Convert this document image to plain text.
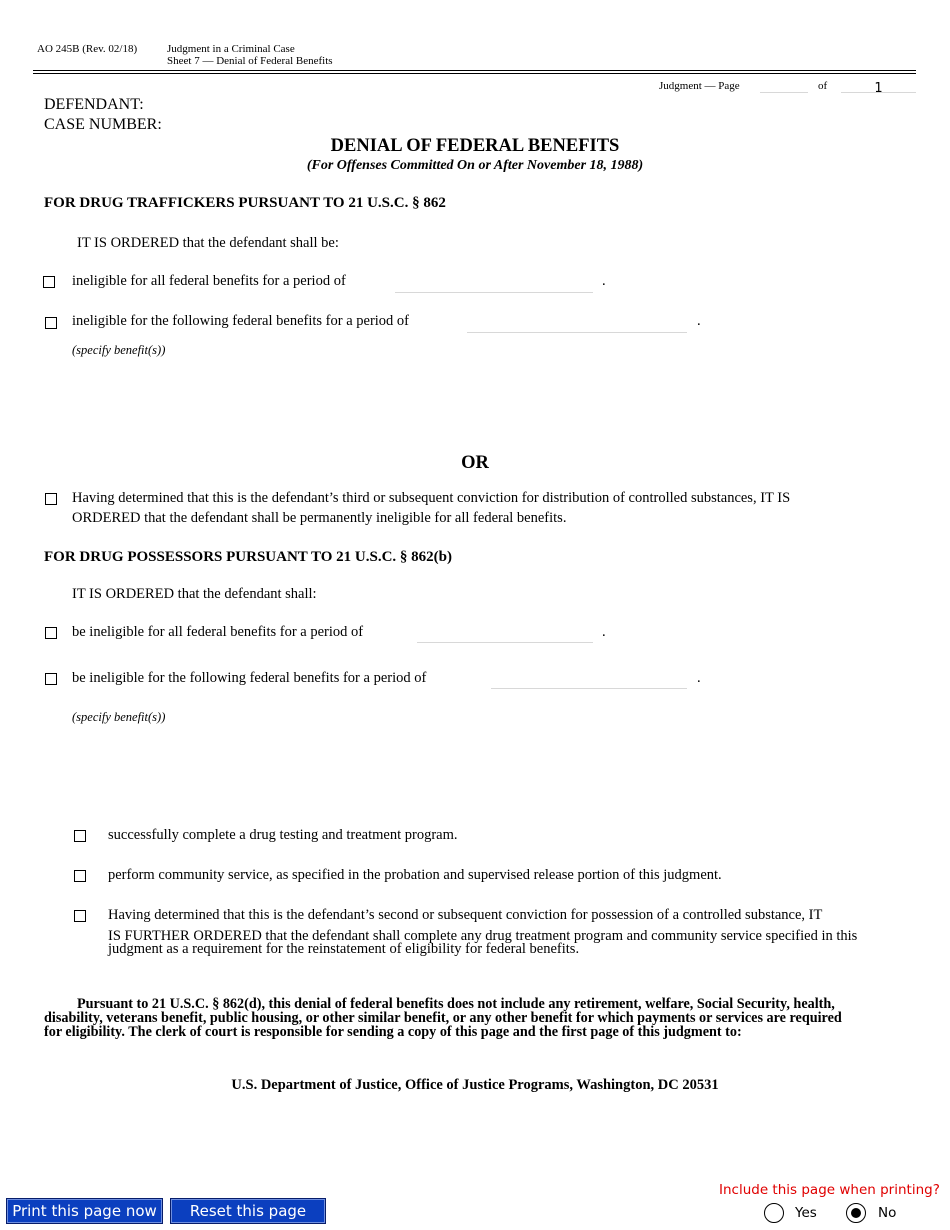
AO 245B (Rev. 02/18)	Judgment in a Criminal Case
Sheet 7 — Denial of Federal Benefits
Judgment — Page	of	1
DEFENDANT:
CASE NUMBER:
DENIAL OF FEDERAL BENEFITS
(For Offenses Committed On or After November 18, 1988)
FOR DRUG TRAFFICKERS PURSUANT TO 21 U.S.C. § 862
IT IS ORDERED that the defendant shall be:
ineligible for all federal benefits for a period of	.
ineligible for the following federal benefits for a period of	.
(specify benefit(s))
OR
Having determined that this is the defendant’s third or subsequent conviction for distribution of controlled substances, IT IS
ORDERED that the defendant shall be permanently ineligible for all federal benefits.
FOR DRUG POSSESSORS PURSUANT TO 21 U.S.C. § 862(b)
IT IS ORDERED that the defendant shall:
be ineligible for all federal benefits for a period of	.
be ineligible for the following federal benefits for a period of	.
(specify benefit(s))
successfully complete a drug testing and treatment program.
perform community service, as specified in the probation and supervised release portion of this judgment.
Having determined that this is the defendant’s second or subsequent conviction for possession of a controlled substance, IT
IS FURTHER ORDERED that the defendant shall complete any drug treatment program and community service specified in this
judgment as a requirement for the reinstatement of eligibility for federal benefits.
Pursuant to 21 U.S.C. § 862(d), this denial of federal benefits does not include any retirement, welfare, Social Security, health,
disability, veterans benefit, public housing, or other similar benefit, or any other benefit for which payments or services are required
for eligibility. The clerk of court is responsible for sending a copy of this page and the first page of this judgment to:
U.S. Department of Justice, Office of Justice Programs, Washington, DC 20531
Print this page now	Reset this page
Include this page when printing?
Yes	No
